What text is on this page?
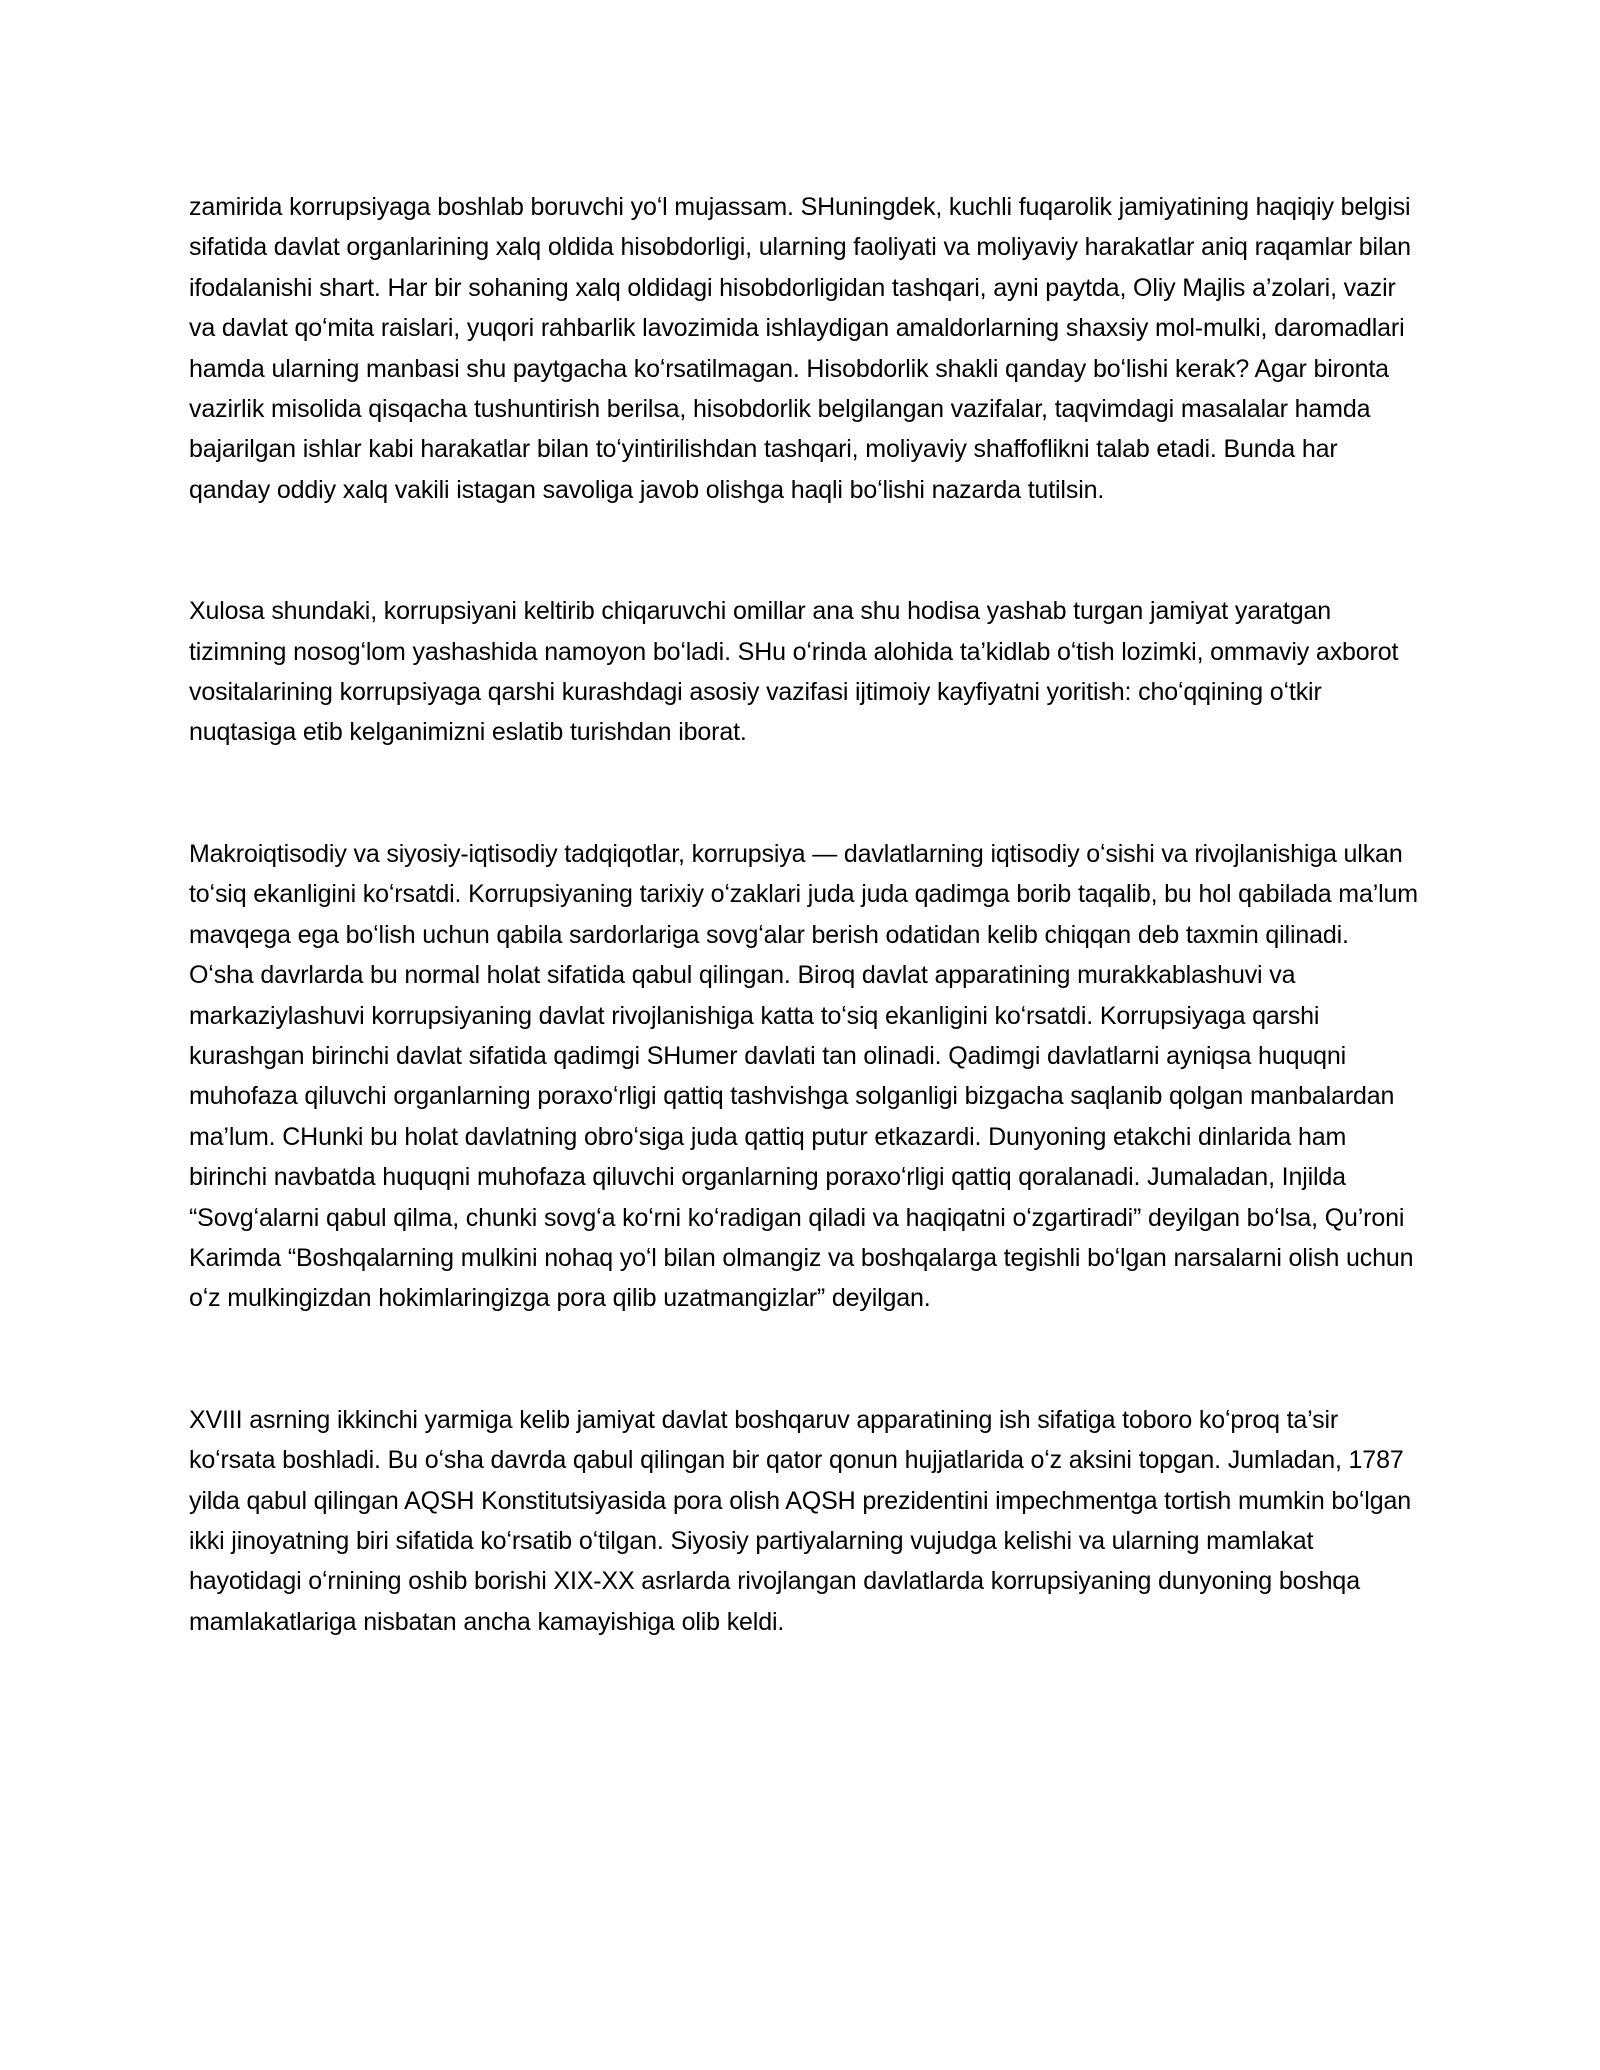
zamirida korrupsiyaga boshlab boruvchi yoʻl mujassam. SHuningdek, kuchli fuqarolik jamiyatining haqiqiy belgisi sifatida davlat organlarining xalq oldida hisobdorligi, ularning faoliyati va moliyaviy harakatlar aniq raqamlar bilan ifodalanishi shart. Har bir sohaning xalq oldidagi hisobdorligidan tashqari, ayni paytda, Oliy Majlis a’zolari, vazir va davlat qoʻmita raislari, yuqori rahbarlik lavozimida ishlaydigan amaldorlarning shaxsiy mol-mulki, daromadlari hamda ularning manbasi shu paytgacha koʻrsatilmagan. Hisobdorlik shakli qanday boʻlishi kerak? Agar bironta vazirlik misolida qisqacha tushuntirish berilsa, hisobdorlik belgilangan vazifalar, taqvimdagi masalalar hamda bajarilgan ishlar kabi harakatlar bilan toʻyintirilishdan tashqari, moliyaviy shaffoflikni talab etadi. Bunda har qanday oddiy xalq vakili istagan savoliga javob olishga haqli boʻlishi nazarda tutilsin.

Xulosa shundaki, korrupsiyani keltirib chiqaruvchi omillar ana shu hodisa yashab turgan jamiyat yaratgan tizimning nosogʻlom yashashida namoyon boʻladi. SHu oʻrinda alohida ta’kidlab oʻtish lozimki, ommaviy axborot vositalarining korrupsiyaga qarshi kurashdagi asosiy vazifasi ijtimoiy kayfiyatni yoritish: choʻqqining oʻtkir nuqtasiga etib kelganimizni eslatib turishdan iborat.

Makroiqtisodiy va siyosiy-iqtisodiy tadqiqotlar, korrupsiya — davlatlarning iqtisodiy oʻsishi va rivojlanishiga ulkan toʻsiq ekanligini koʻrsatdi. Korrupsiyaning tarixiy oʻzaklari juda juda qadimga borib taqalib, bu hol qabilada ma’lum mavqega ega boʻlish uchun qabila sardorlariga sovgʻalar berish odatidan kelib chiqqan deb taxmin qilinadi. Oʻsha davrlarda bu normal holat sifatida qabul qilingan. Biroq davlat apparatining murakkablashuvi va markaziylashuvi korrupsiyaning davlat rivojlanishiga katta toʻsiq ekanligini koʻrsatdi. Korrupsiyaga qarshi kurashgan birinchi davlat sifatida qadimgi SHumer davlati tan olinadi. Qadimgi davlatlarni ayniqsa huquqni muhofaza qiluvchi organlarning poraxoʻrligi qattiq tashvishga solganligi bizgacha saqlanib qolgan manbalardan ma’lum. CHunki bu holat davlatning obroʻsiga juda qattiq putur etkazardi. Dunyoning etakchi dinlarida ham birinchi navbatda huquqni muhofaza qiluvchi organlarning poraxoʻrligi qattiq qoralanadi. Jumaladan, Injilda “Sovgʻalarni qabul qilma, chunki sovgʻa koʻrni koʻradigan qiladi va haqiqatni oʻzgartiradi” deyilgan boʻlsa, Qu’roni Karimda “Boshqalarning mulkini nohaq yoʻl bilan olmangiz va boshqalarga tegishli boʻlgan narsalarni olish uchun oʻz mulkingizdan hokimlaringizga pora qilib uzatmangizlar” deyilgan.

XVIII asrning ikkinchi yarmiga kelib jamiyat davlat boshqaruv apparatining ish sifatiga toboro koʻproq ta’sir koʻrsata boshladi. Bu oʻsha davrda qabul qilingan bir qator qonun hujjatlarida oʻz aksini topgan. Jumladan, 1787 yilda qabul qilingan AQSH Konstitutsiyasida pora olish AQSH prezidentini impechmentga tortish mumkin boʻlgan ikki jinoyatning biri sifatida koʻrsatib oʻtilgan. Siyosiy partiyalarning vujudga kelishi va ularning mamlakat hayotidagi oʻrnining oshib borishi XIX-XX asrlarda rivojlangan davlatlarda korrupsiyaning dunyoning boshqa mamlakatlariga nisbatan ancha kamayishiga olib keldi.
